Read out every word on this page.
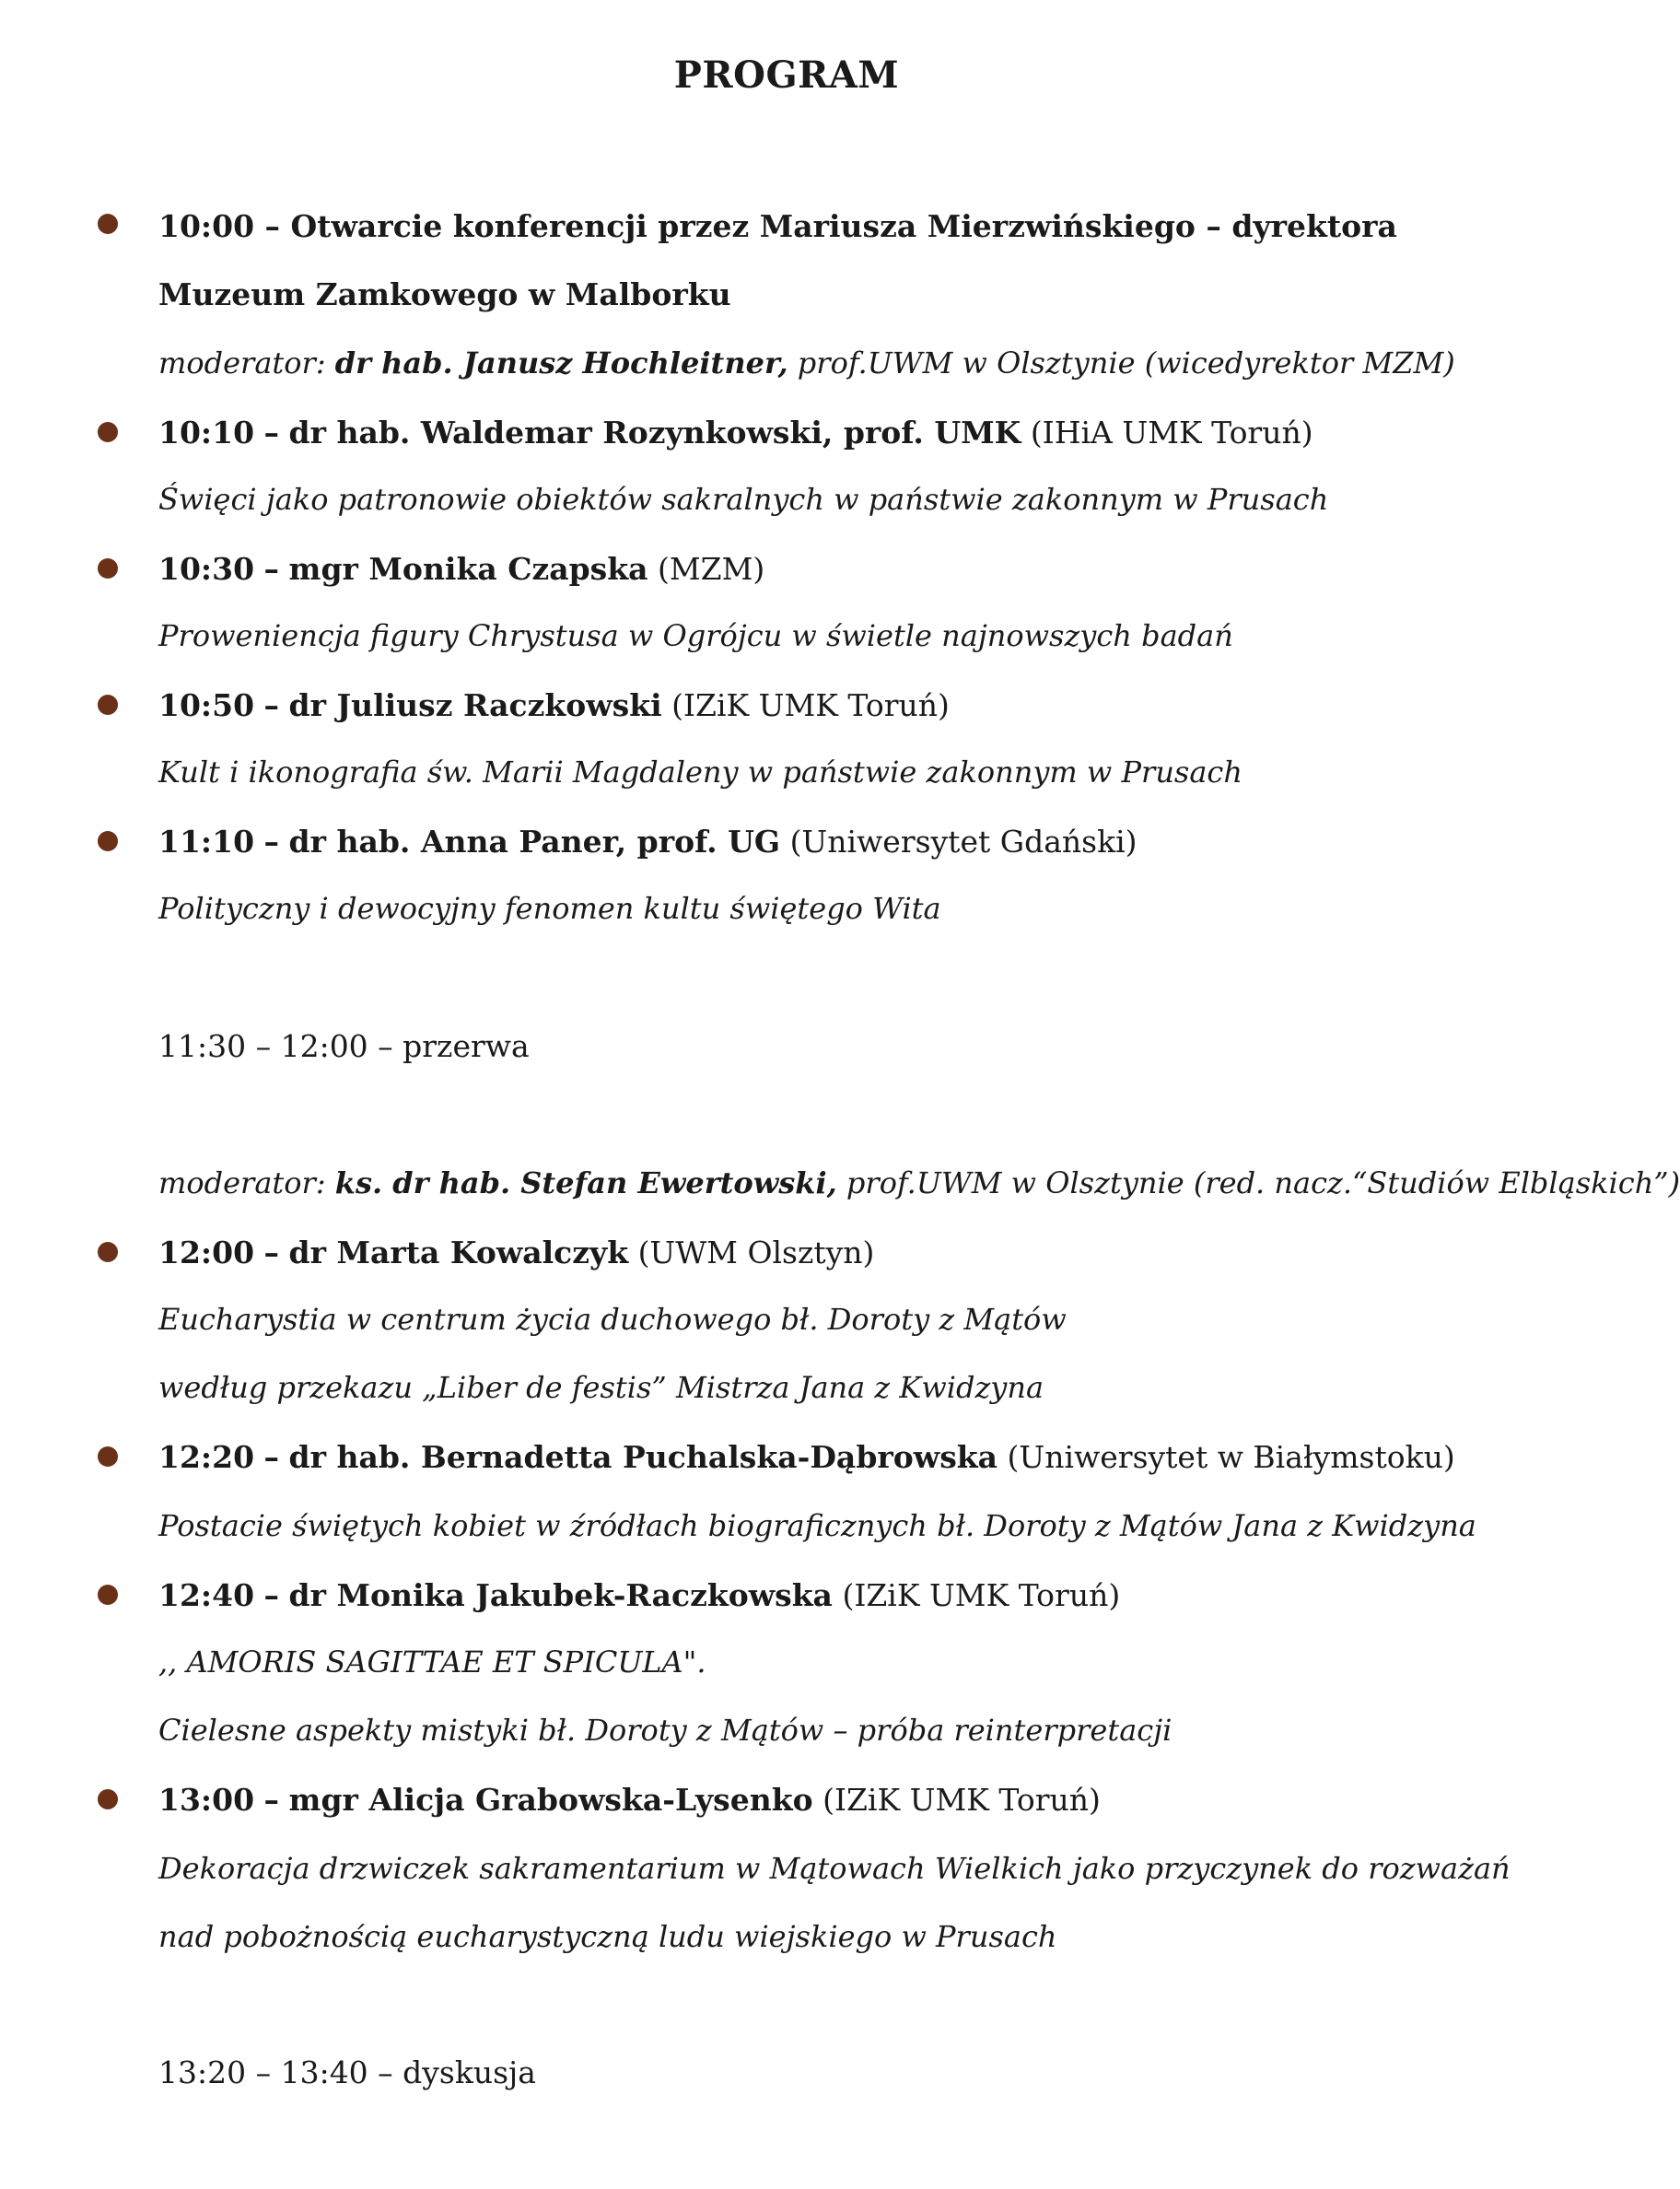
PROGRAM
10:00 – Otwarcie konferencji przez Mariusza Mierzwińskiego – dyrektora
Muzeum Zamkowego w Malborku
moderator: dr hab. Janusz Hochleitner, prof.UWM w Olsztynie (wicedyrektor MZM)
10:10 – dr hab. Waldemar Rozynkowski, prof. UMK (IHiA UMK Toruń)
Święci jako patronowie obiektów sakralnych w państwie zakonnym w Prusach
10:30 – mgr Monika Czapska (MZM)
Proweniencja figury Chrystusa w Ogrójcu w świetle najnowszych badań
10:50 – dr Juliusz Raczkowski (IZiK UMK Toruń)
Kult i ikonografia św. Marii Magdaleny w państwie zakonnym w Prusach
11:10 – dr hab. Anna Paner, prof. UG (Uniwersytet Gdański)
Polityczny i dewocyjny fenomen kultu świętego Wita
11:30 – 12:00 – przerwa
moderator: ks. dr hab. Stefan Ewertowski, prof.UWM w Olsztynie (red. nacz.“Studiów Elbląskich”)
12:00 – dr Marta Kowalczyk (UWM Olsztyn)
Eucharystia w centrum życia duchowego bł. Doroty z Mątów
według przekazu „Liber de festis” Mistrza Jana z Kwidzyna
12:20 – dr hab. Bernadetta Puchalska-Dąbrowska (Uniwersytet w Białymstoku)
Postacie świętych kobiet w źródłach biograficznych bł. Doroty z Mątów Jana z Kwidzyna
12:40 – dr Monika Jakubek-Raczkowska (IZiK UMK Toruń)
,, AMORIS SAGITTAE ET SPICULA".
Cielesne aspekty mistyki bł. Doroty z Mątów – próba reinterpretacji
13:00 – mgr Alicja Grabowska-Lysenko (IZiK UMK Toruń)
Dekoracja drzwiczek sakramentarium w Mątowach Wielkich jako przyczynek do rozważań
nad pobożnością eucharystyczną ludu wiejskiego w Prusach
13:20 – 13:40 – dyskusja
